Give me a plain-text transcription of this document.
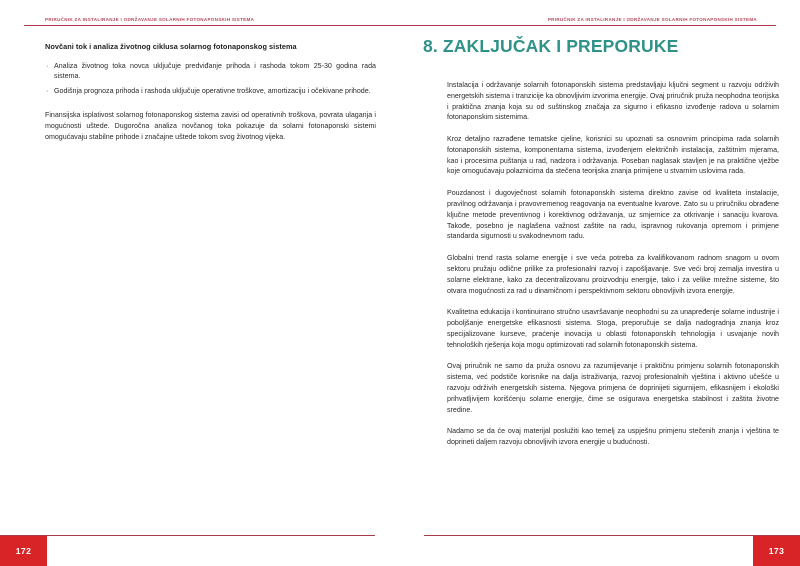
PRIRUČNIK ZA INSTALIRANJE I ODRŽAVANJE SOLARNIH FOTONAPONSKIH SISTEMA
Novčani tok i analiza životnog ciklusa solarnog fotonaponskog sistema
· Analiza životnog toka novca uključuje predviđanje prihoda i rashoda tokom 25-30 godina rada sistema.
· Godišnja prognoza prihoda i rashoda uključuje operativne troškove, amortizaciju i očekivane prihode.

Finansijska isplativost solarnog fotonaponskog sistema zavisi od operativnih troškova, povrata ulaganja i mogućnosti uštede. Dugoročna analiza novčanog toka pokazuje da solarni fotonaponski sistemi omogućavaju stabilne prihode i značajne uštede tokom svog životnog vijeka.

172
PRIRUČNIK ZA INSTALIRANJE I ODRŽAVANJE SOLARNIH FOTONAPONSKIH SISTEMA
173
8. ZAKLJUČAK I PREPORUKE

Instalacija i održavanje solarnih fotonaponskih sistema predstavljaju ključni segment u razvoju održivih energetskih sistema i tranzicije ka obnovljivim izvorima energije. Ovaj priručnik pruža neophodna teorijska i praktična znanja koja su od suštinskog značaja za sigurno i efikasno izvođenje radova u solarnim fotonaponskim sistemima.

Kroz detaljno razrađene tematske cjeline, korisnici su upoznati sa osnovnim principima rada solarnih fotonaponskih sistema, komponentama sistema, izvođenjem električnih instalacija, zaštitnim mjerama, kao i procesima puštanja u rad, nadzora i održavanja. Poseban naglasak stavljen je na praktične vježbe koje omogućavaju polaznicima da stečena teorijska znanja primijene u stvarnim uslovima rada.

Pouzdanost i dugovječnost solarnih fotonaponskih sistema direktno zavise od kvaliteta instalacije, pravilnog održavanja i pravovremenog reagovanja na eventualne kvarove. Zato su u priručniku obrađene ključne metode preventivnog i korektivnog održavanja, uz smjernice za otkrivanje i sanaciju kvarova. Takođe, posebno je naglašena važnost zaštite na radu, ispravnog rukovanja opremom i primjene standarda sigurnosti u svakodnevnom radu.

Globalni trend rasta solarne energije i sve veća potreba za kvalifikovanom radnom snagom u ovom sektoru pružaju odlične prilike za profesionalni razvoj i zapošljavanje. Sve veći broj zemalja investira u solarne elektrane, kako za decentralizovanu proizvodnju energije, tako i za velike mrežne sisteme, što otvara mogućnosti za rad u dinamičnom i perspektivnom sektoru obnovljivih izvora energije.

Kvalitetna edukacija i kontinuirano stručno usavršavanje neophodni su za unapređenje solarne industrije i poboljšanje energetske efikasnosti sistema. Stoga, preporučuje se dalja nadogradnja znanja kroz specijalizovane kurseve, praćenje inovacija u oblasti fotonaponskih tehnologija i usvajanje novih tehnoloških rješenja koja mogu optimizovati rad solarnih fotonaponskih sistema.

Ovaj priručnik ne samo da pruža osnovu za razumijevanje i praktičnu primjenu solarnih fotonaponskih sistema, već podstiče korisnike na dalja istraživanja, razvoj profesionalnih vještina i aktivno učešće u razvoju održivih energetskih sistema. Njegova primjena će doprinijeti sigurnijem, efikasnijem i ekološki prihvatljivijem korišćenju solarne energije, čime se osigurava energetska stabilnost i zaštita životne sredine.

Nadamo se da će ovaj materijal poslužiti kao temelj za uspješnu primjenu stečenih znanja i vještina te doprineti daljem razvoju obnovljivih izvora energije u budućnosti.
